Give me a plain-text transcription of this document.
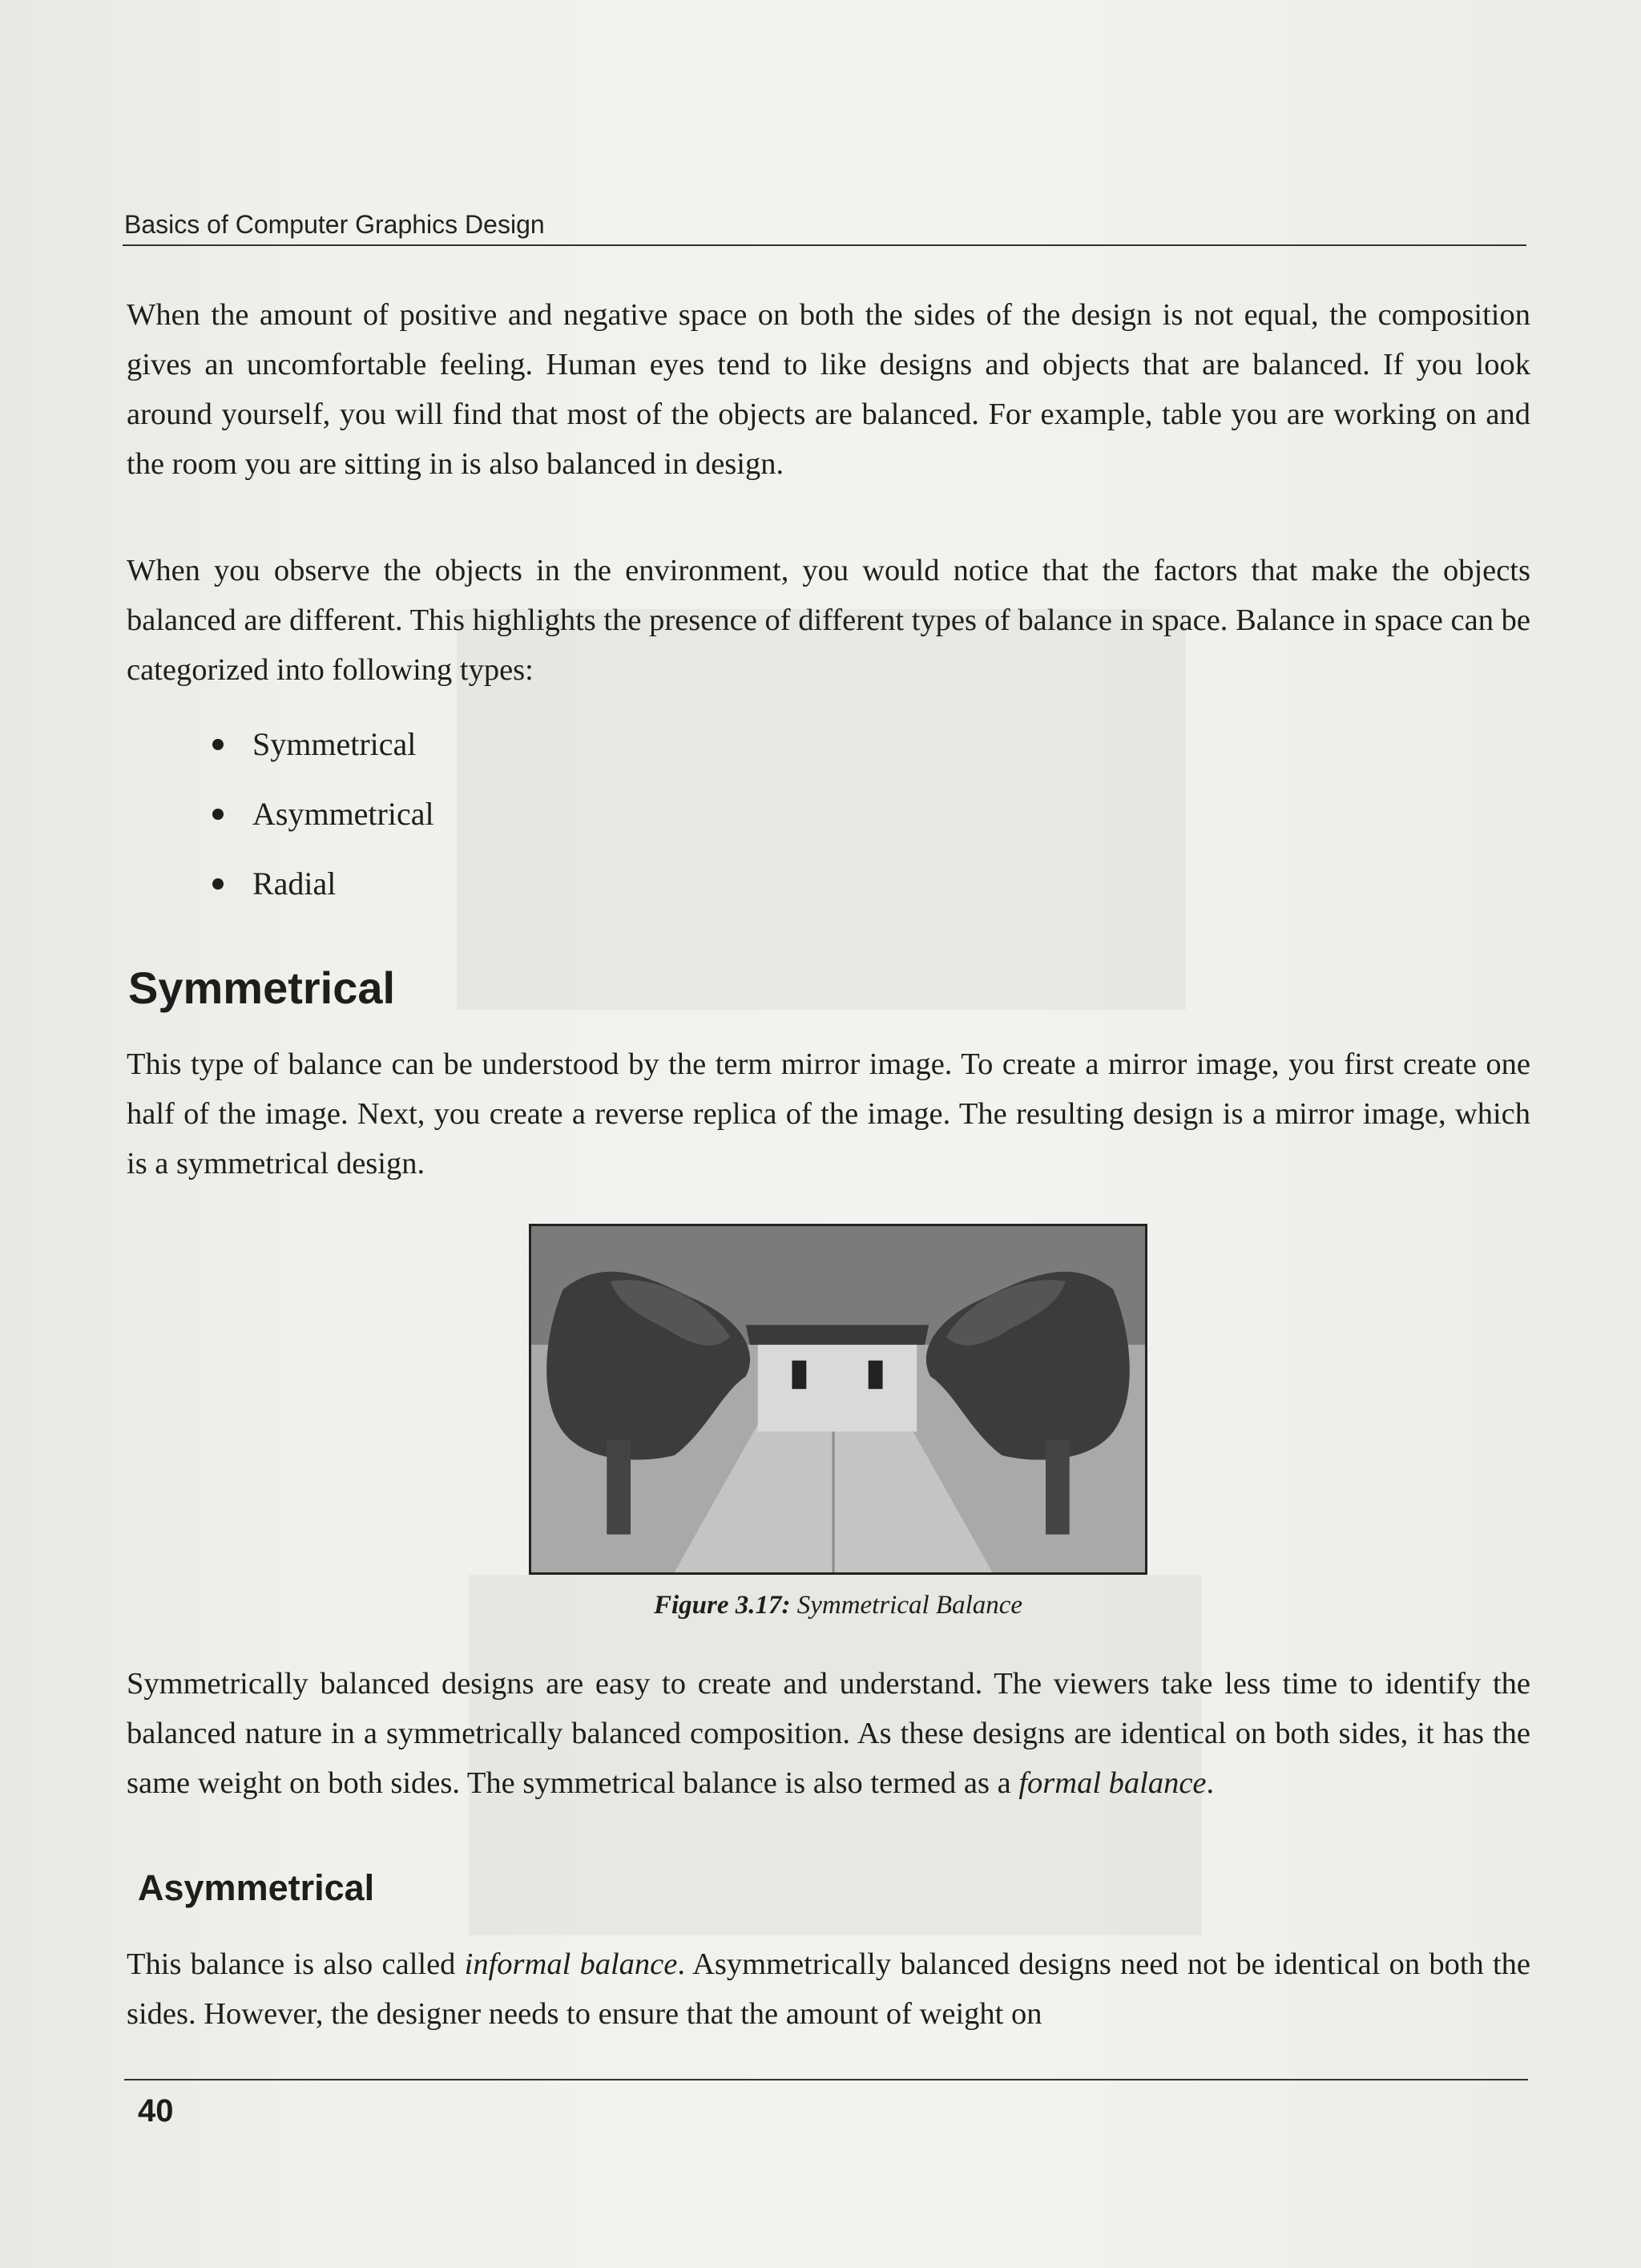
Basics of Computer Graphics Design

When the amount of positive and negative space on both the sides of the design is not equal, the composition gives an uncomfortable feeling. Human eyes tend to like designs and objects that are balanced. If you look around yourself, you will find that most of the objects are balanced. For example, table you are working on and the room you are sitting in is also balanced in design.

When you observe the objects in the environment, you would notice that the factors that make the objects balanced are different. This highlights the presence of different types of balance in space. Balance in space can be categorized into following types:

Symmetrical
Asymmetrical
Radial
Symmetrical

This type of balance can be understood by the term mirror image. To create a mirror image, you first create one half of the image. Next, you create a reverse replica of the image. The resulting design is a mirror image, which is a symmetrical design.

Figure 3.17: Symmetrical Balance

Symmetrically balanced designs are easy to create and understand. The viewers take less time to identify the balanced nature in a symmetrically balanced composition. As these designs are identical on both sides, it has the same weight on both sides. The symmetrical balance is also termed as a formal balance.

Asymmetrical

This balance is also called informal balance. Asymmetrically balanced designs need not be identical on both the sides. However, the designer needs to ensure that the amount of weight on

40
